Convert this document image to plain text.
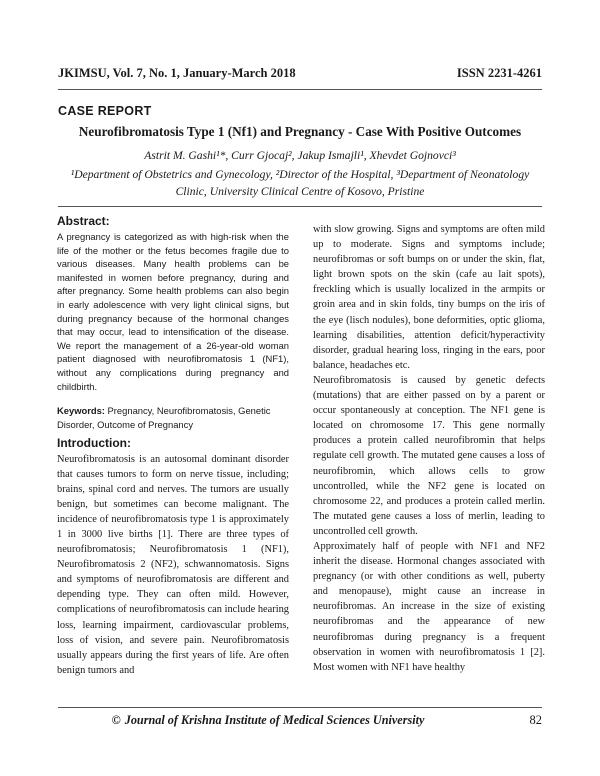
JKIMSU, Vol. 7, No. 1, January-March 2018	ISSN 2231-4261
CASE REPORT
Neurofibromatosis Type 1 (Nf1) and Pregnancy - Case With Positive Outcomes
Astrit M. Gashi¹*, Curr Gjocaj², Jakup Ismajli¹, Xhevdet Gojnovci³
¹Department of Obstetrics and Gynecology, ²Director of the Hospital, ³Department of Neonatology
Clinic, University Clinical Centre of Kosovo, Pristine
Abstract:
A pregnancy is categorized as with high-risk when the life of the mother or the fetus becomes fragile due to various diseases. Many health problems can be manifested in women before pregnancy, during and after pregnancy. Some health problems can also begin in early adolescence with very light clinical signs, but during pregnancy because of the hormonal changes that may occur, lead to intensification of the disease. We report the management of a 26-year-old woman patient diagnosed with neurofibromatosis 1 (NF1), without any complications during pregnancy and childbirth.
Keywords: Pregnancy, Neurofibromatosis, Genetic Disorder, Outcome of Pregnancy
Introduction:
Neurofibromatosis is an autosomal dominant disorder that causes tumors to form on nerve tissue, including; brains, spinal cord and nerves. The tumors are usually benign, but sometimes can become malignant. The incidence of neurofibromatosis type 1 is approximately 1 in 3000 live births [1]. There are three types of neurofibromatosis; Neurofibromatosis 1 (NF1), Neurofibromatosis 2 (NF2), schwannomatosis. Signs and symptoms of neurofibromatosis are different and depending type. They can often mild. However, complications of neurofibromatosis can include hearing loss, learning impairment, cardiovascular problems, loss of vision, and severe pain. Neurofibromatosis usually appears during the first years of life. Are often benign tumors and
with slow growing. Signs and symptoms are often mild up to moderate. Signs and symptoms include; neurofibromas or soft bumps on or under the skin, flat, light brown spots on the skin (cafe au lait spots), freckling which is usually localized in the armpits or groin area and in skin folds, tiny bumps on the iris of the eye (lisch nodules), bone deformities, optic glioma, learning disabilities, attention deficit/hyperactivity disorder, gradual hearing loss, ringing in the ears, poor balance, headaches etc.
Neurofibromatosis is caused by genetic defects (mutations) that are either passed on by a parent or occur spontaneously at conception. The NF1 gene is located on chromosome 17. This gene normally produces a protein called neurofibromin that helps regulate cell growth. The mutated gene causes a loss of neurofibromin, which allows cells to grow uncontrolled, while the NF2 gene is located on chromosome 22, and produces a protein called merlin. The mutated gene causes a loss of merlin, leading to uncontrolled cell growth.
Approximately half of people with NF1 and NF2 inherit the disease. Hormonal changes associated with pregnancy (or with other conditions as well, puberty and menopause), might cause an increase in neurofibromas. An increase in the size of existing neurofibromas and the appearance of new neurofibromas during pregnancy is a frequent observation in women with neurofibromatosis 1 [2]. Most women with NF1 have healthy
© Journal of Krishna Institute of Medical Sciences University	82
